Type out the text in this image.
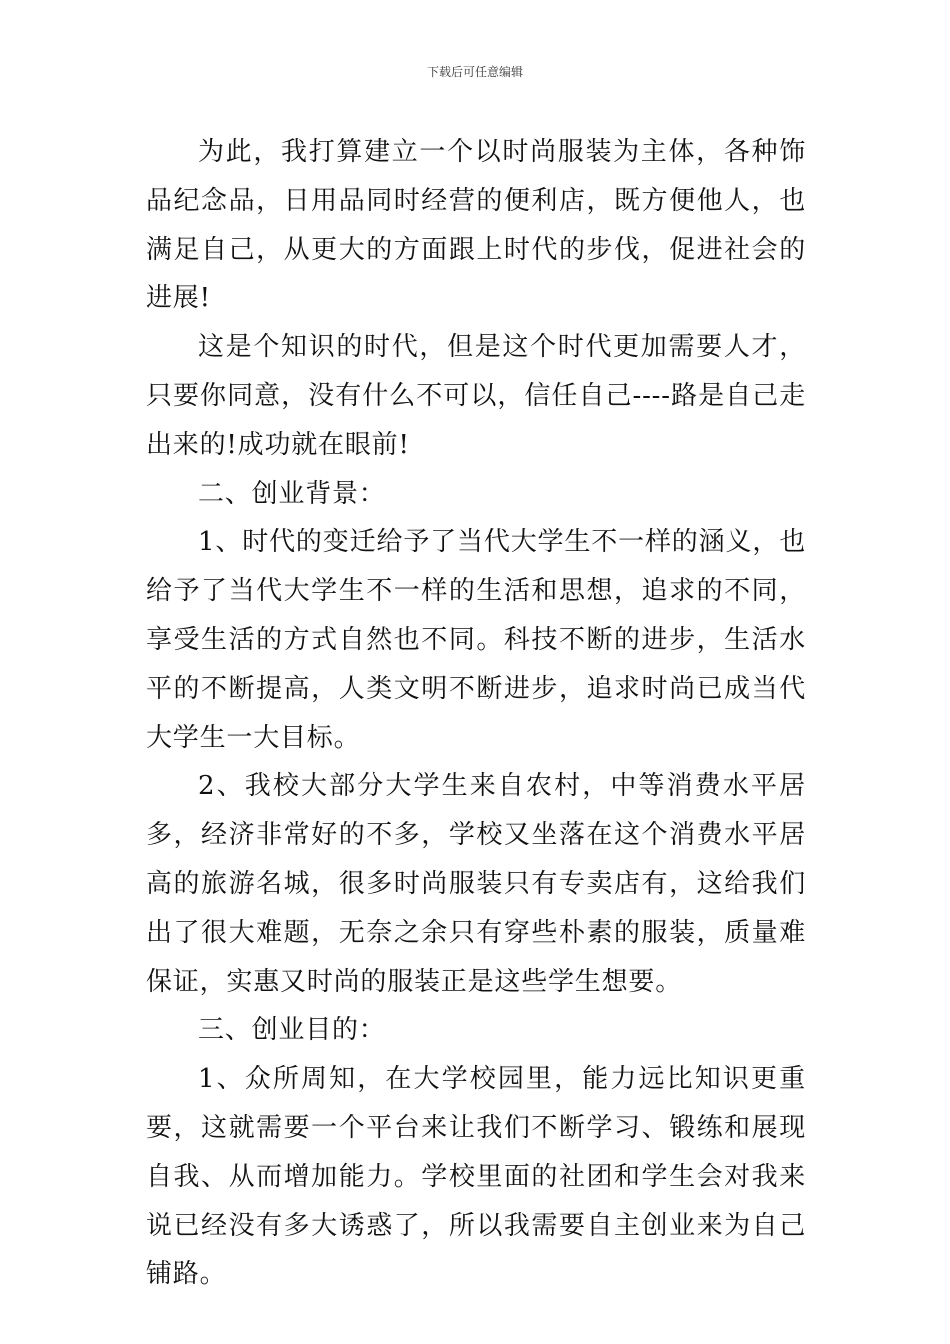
下载后可任意编辑

为此，我打算建立一个以时尚服装为主体，各种饰品纪念品，日用品同时经营的便利店，既方便他人，也满足自己，从更大的方面跟上时代的步伐，促进社会的进展!

这是个知识的时代，但是这个时代更加需要人才，只要你同意，没有什么不可以，信任自己----路是自己走出来的!成功就在眼前!

二、创业背景：

1、时代的变迁给予了当代大学生不一样的涵义，也给予了当代大学生不一样的生活和思想，追求的不同，享受生活的方式自然也不同。科技不断的进步，生活水平的不断提高，人类文明不断进步，追求时尚已成当代大学生一大目标。

2、我校大部分大学生来自农村，中等消费水平居多，经济非常好的不多，学校又坐落在这个消费水平居高的旅游名城，很多时尚服装只有专卖店有，这给我们出了很大难题，无奈之余只有穿些朴素的服装，质量难保证，实惠又时尚的服装正是这些学生想要。

三、创业目的：

1、众所周知，在大学校园里，能力远比知识更重要，这就需要一个平台来让我们不断学习、锻练和展现自我、从而增加能力。学校里面的社团和学生会对我来说已经没有多大诱惑了，所以我需要自主创业来为自己铺路。
